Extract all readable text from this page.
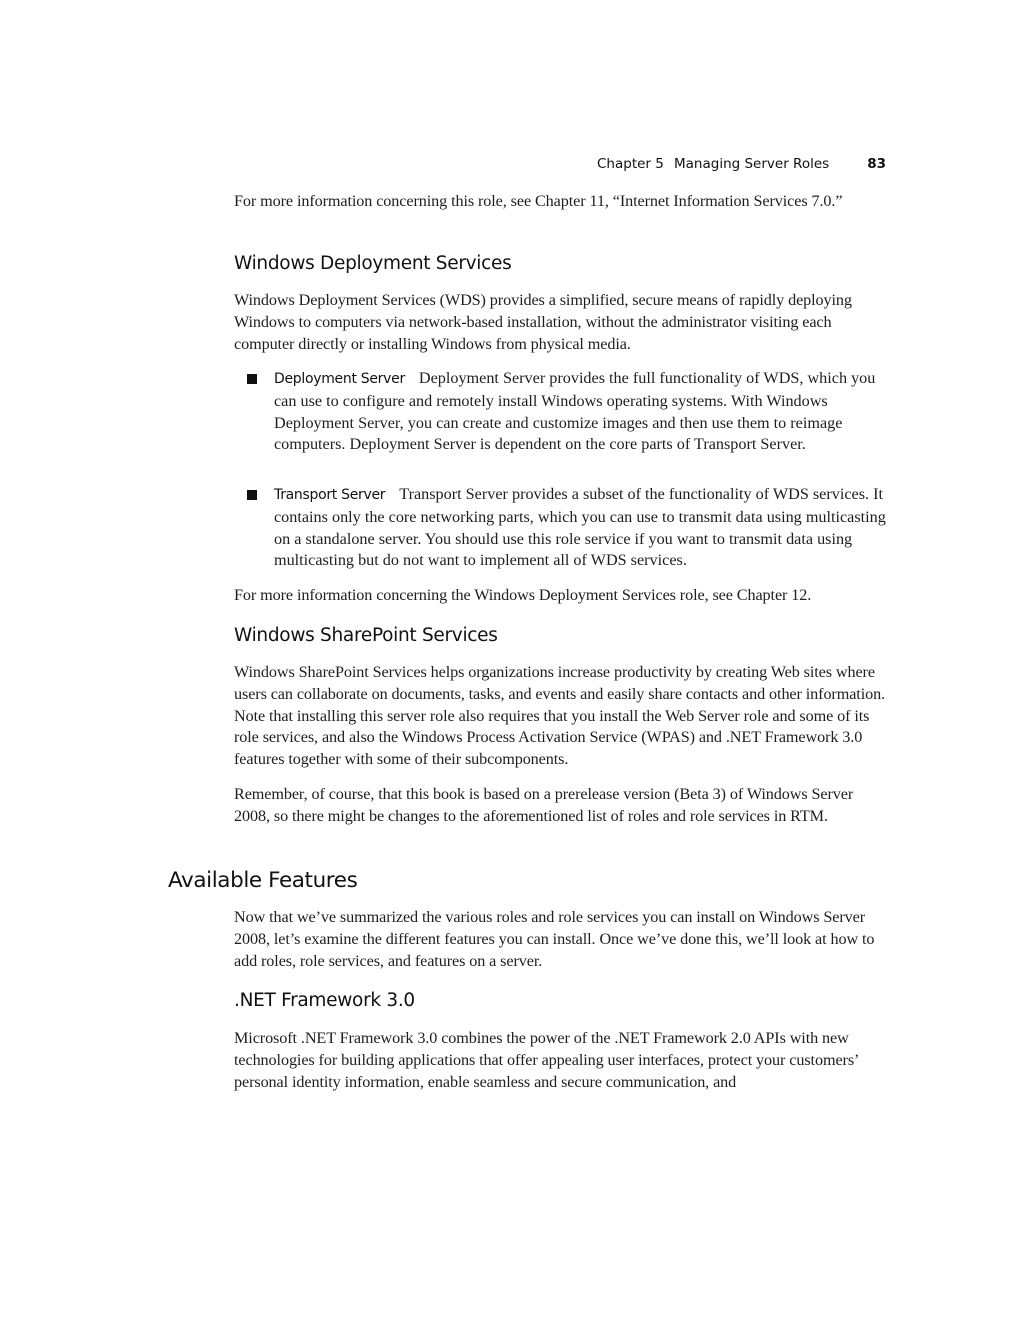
Chapter 5 Managing Server Roles	83
For more information concerning this role, see Chapter 11, “Internet Information Services 7.0.”
Windows Deployment Services
Windows Deployment Services (WDS) provides a simplified, secure means of rapidly deploying Windows to computers via network-based installation, without the administrator visiting each computer directly or installing Windows from physical media.
Deployment Server Deployment Server provides the full functionality of WDS, which you can use to configure and remotely install Windows operating systems. With Windows Deployment Server, you can create and customize images and then use them to reimage computers. Deployment Server is dependent on the core parts of Transport Server.
Transport Server Transport Server provides a subset of the functionality of WDS services. It contains only the core networking parts, which you can use to transmit data using multicasting on a standalone server. You should use this role service if you want to transmit data using multicasting but do not want to implement all of WDS services.
For more information concerning the Windows Deployment Services role, see Chapter 12.
Windows SharePoint Services
Windows SharePoint Services helps organizations increase productivity by creating Web sites where users can collaborate on documents, tasks, and events and easily share contacts and other information. Note that installing this server role also requires that you install the Web Server role and some of its role services, and also the Windows Process Activation Service (WPAS) and .NET Framework 3.0 features together with some of their subcomponents.
Remember, of course, that this book is based on a prerelease version (Beta 3) of Windows Server 2008, so there might be changes to the aforementioned list of roles and role services in RTM.
Available Features
Now that we’ve summarized the various roles and role services you can install on Windows Server 2008, let’s examine the different features you can install. Once we’ve done this, we’ll look at how to add roles, role services, and features on a server.
.NET Framework 3.0
Microsoft .NET Framework 3.0 combines the power of the .NET Framework 2.0 APIs with new technologies for building applications that offer appealing user interfaces, protect your customers’ personal identity information, enable seamless and secure communication, and
